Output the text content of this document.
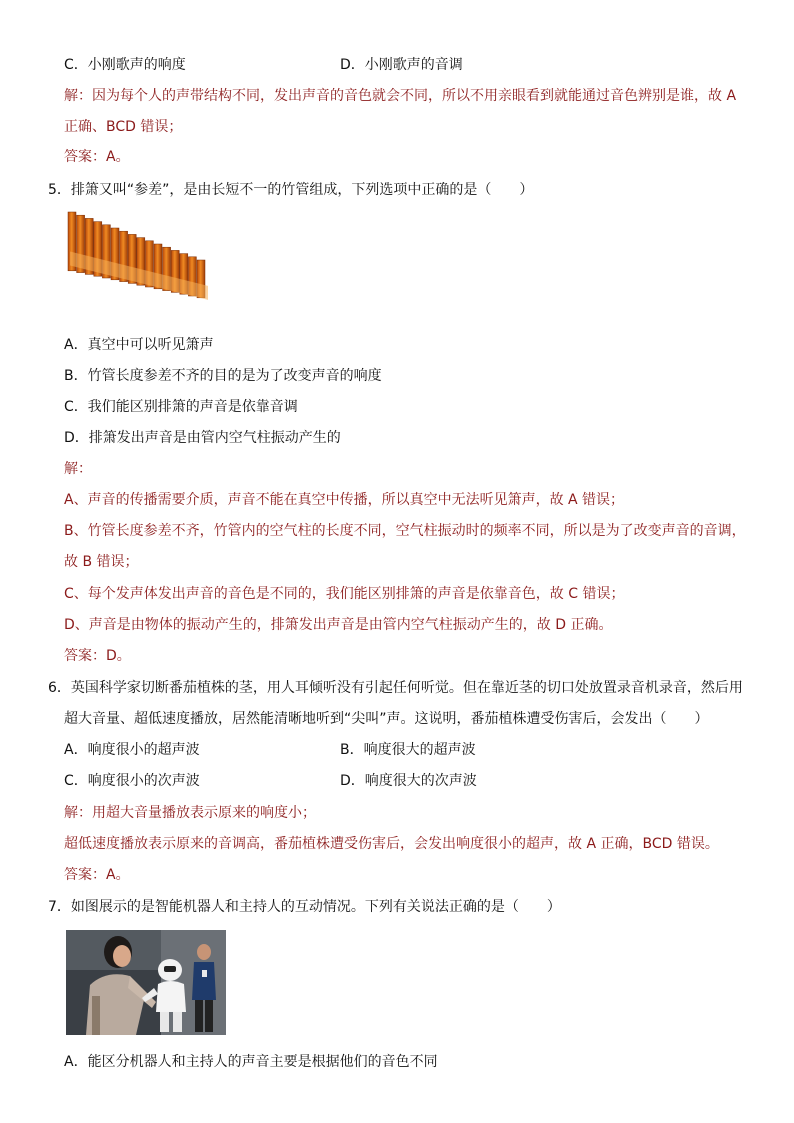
C．小刚歌声的响度	D．小刚歌声的音调
解：因为每个人的声带结构不同，发出声音的音色就会不同，所以不用亲眼看到就能通过音色辨别是谁，故 A
正确、BCD 错误；
答案：A。
5．排箫又叫“参差”，是由长短不一的竹管组成，下列选项中正确的是（　　）
A．真空中可以听见箫声
B．竹管长度参差不齐的目的是为了改变声音的响度
C．我们能区别排箫的声音是依靠音调
D．排箫发出声音是由管内空气柱振动产生的
解：
A、声音的传播需要介质，声音不能在真空中传播，所以真空中无法听见箫声，故 A 错误；
B、竹管长度参差不齐，竹管内的空气柱的长度不同，空气柱振动时的频率不同，所以是为了改变声音的音调，
故 B 错误；
C、每个发声体发出声音的音色是不同的，我们能区别排箫的声音是依靠音色，故 C 错误；
D、声音是由物体的振动产生的，排箫发出声音是由管内空气柱振动产生的，故 D 正确。
答案：D。
6．英国科学家切断番茄植株的茎，用人耳倾听没有引起任何听觉。但在靠近茎的切口处放置录音机录音，然后用
超大音量、超低速度播放，居然能清晰地听到“尖叫”声。这说明，番茄植株遭受伤害后，会发出（　　）
A．响度很小的超声波	B．响度很大的超声波
C．响度很小的次声波	D．响度很大的次声波
解：用超大音量播放表示原来的响度小；
超低速度播放表示原来的音调高，番茄植株遭受伤害后，会发出响度很小的超声，故 A 正确，BCD 错误。
答案：A。
7．如图展示的是智能机器人和主持人的互动情况。下列有关说法正确的是（　　）
A．能区分机器人和主持人的声音主要是根据他们的音色不同
